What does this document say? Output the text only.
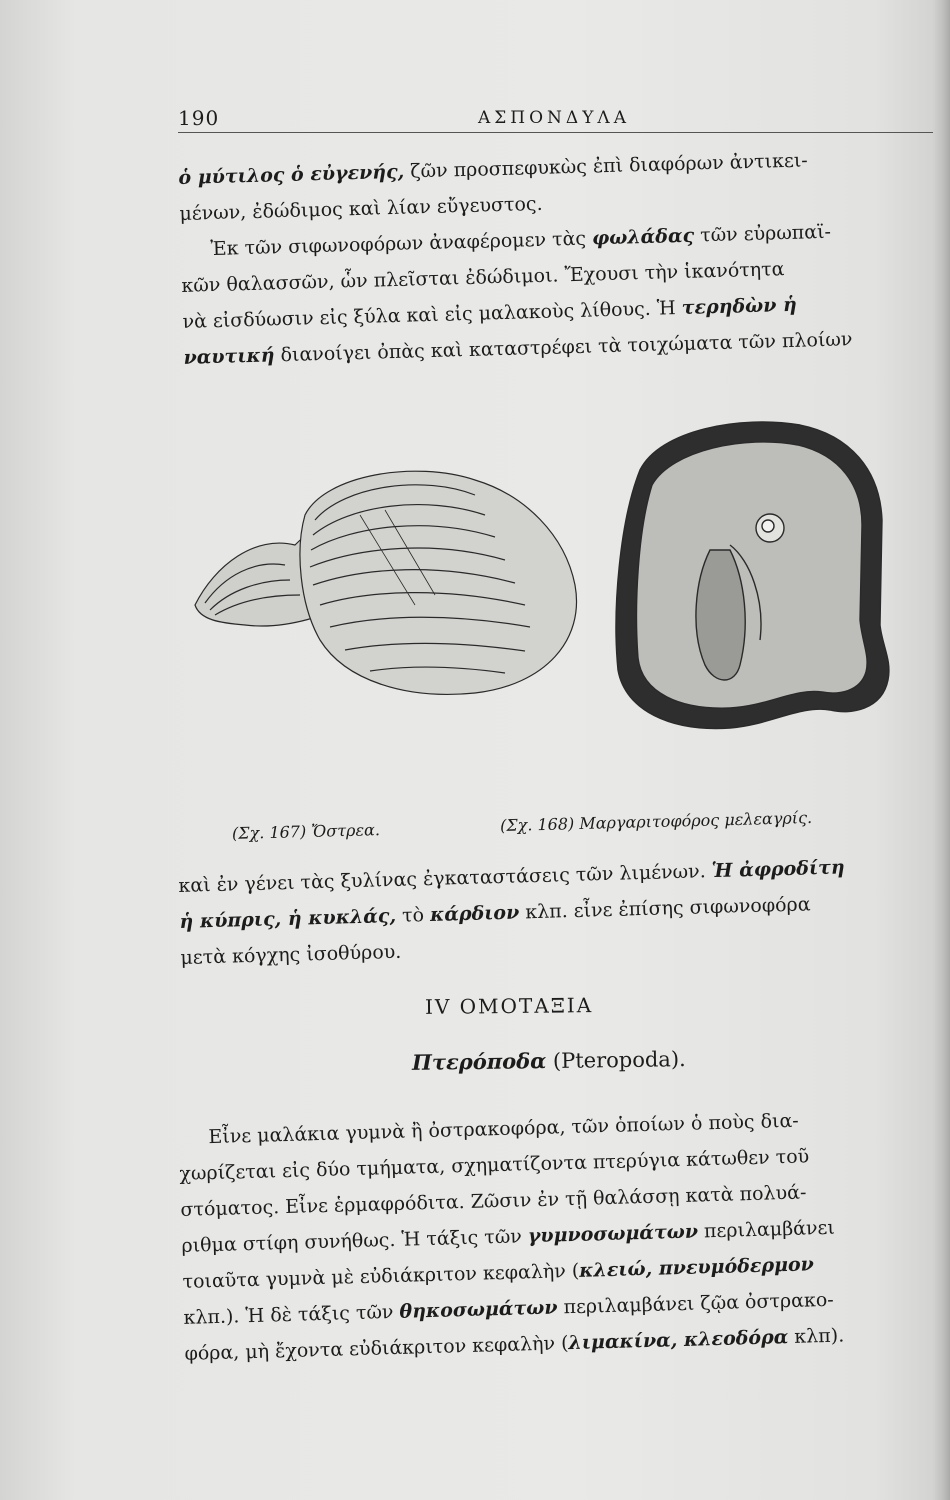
190	ΑΣΠΟΝΔΥΛΑ

ὁ μύτιλος ὁ εὐγενής, ζῶν προσπεφυκὼς ἐπὶ διαφόρων ἀντικει-

μένων, ἐδώδιμος καὶ λίαν εὔγευστος.

Ἐκ τῶν σιφωνοφόρων ἀναφέρομεν τὰς φωλάδας τῶν εὐρωπαϊ-

κῶν θαλασσῶν, ὧν πλεῖσται ἐδώδιμοι. Ἔχουσι τὴν ἱκανότητα

νὰ εἰσδύωσιν εἰς ξύλα καὶ εἰς μαλακοὺς λίθους. Ἡ τερηδὼν ἡ

ναυτική διανοίγει ὀπὰς καὶ καταστρέφει τὰ τοιχώματα τῶν πλοίων

(Σχ. 167) Ὄστρεα.	(Σχ. 168) Μαργαριτοφόρος μελεαγρίς.

καὶ ἐν γένει τὰς ξυλίνας ἐγκαταστάσεις τῶν λιμένων. Ἡ ἀφροδίτη

ἡ κύπρις, ἡ κυκλάς, τὸ κάρδιον κλπ. εἶνε ἐπίσης σιφωνοφόρα

μετὰ κόγχης ἰσοθύρου.

IV ΟΜΟΤΑΞΙΑ
Πτερόποδα (Pteropoda).

Εἶνε μαλάκια γυμνὰ ἢ ὀστρακοφόρα, τῶν ὁποίων ὁ ποὺς δια-

χωρίζεται εἰς δύο τμήματα, σχηματίζοντα πτερύγια κάτωθεν τοῦ

στόματος. Εἶνε ἑρμαφρόδιτα. Ζῶσιν ἐν τῇ θαλάσσῃ κατὰ πολυά-

ριθμα στίφη συνήθως. Ἡ τάξις τῶν γυμνοσωμάτων περιλαμβάνει

τοιαῦτα γυμνὰ μὲ εὐδιάκριτον κεφαλὴν (κλειώ, πνευμόδερμον

κλπ.). Ἡ δὲ τάξις τῶν θηκοσωμάτων περιλαμβάνει ζῷα ὀστρακο-

φόρα, μὴ ἔχοντα εὐδιάκριτον κεφαλὴν (λιμακίνα, κλεοδόρα κλπ).
